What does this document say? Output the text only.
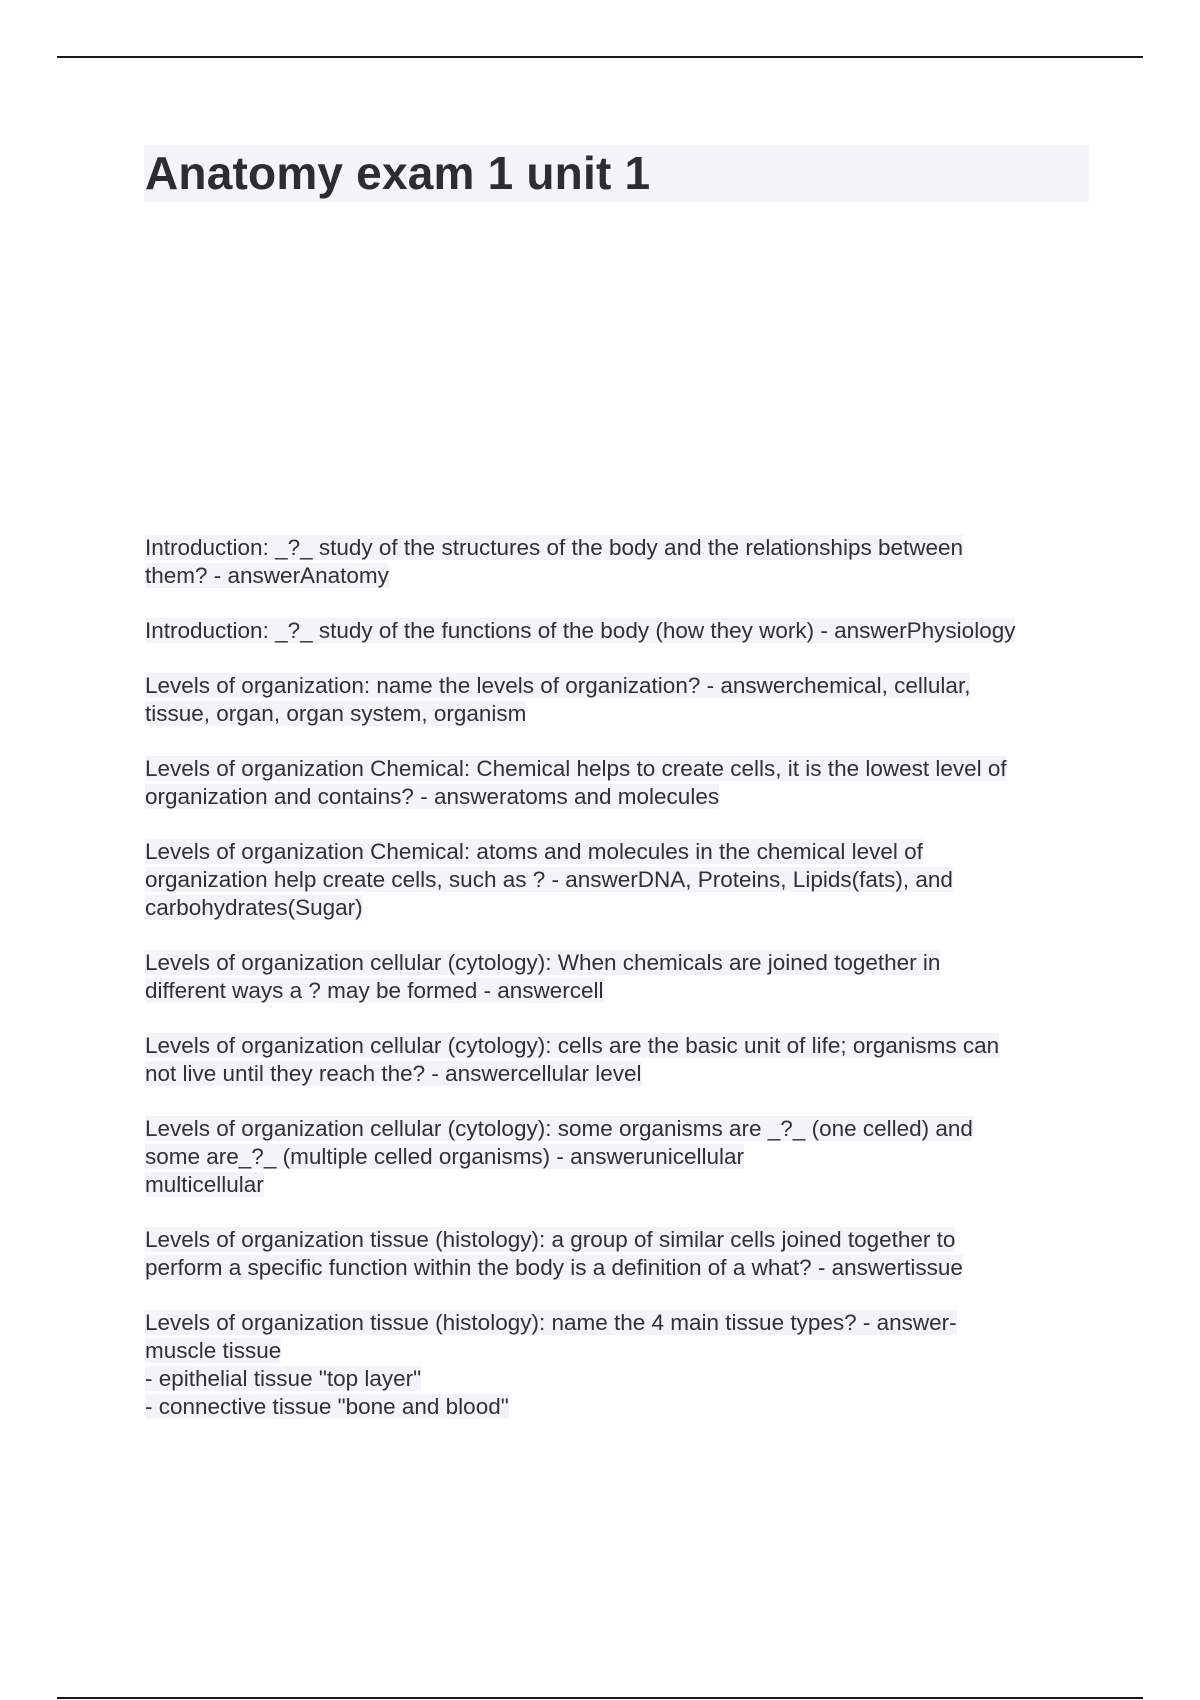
Anatomy exam 1 unit 1
Introduction: _?_ study of the structures of the body and the relationships between
them? - answerAnatomy
Introduction: _?_ study of the functions of the body (how they work) - answerPhysiology
Levels of organization: name the levels of organization? - answerchemical, cellular,
tissue, organ, organ system, organism
Levels of organization Chemical: Chemical helps to create cells, it is the lowest level of
organization and contains? - answeratoms and molecules
Levels of organization Chemical: atoms and molecules in the chemical level of
organization help create cells, such as ? - answerDNA, Proteins, Lipids(fats), and
carbohydrates(Sugar)
Levels of organization cellular (cytology): When chemicals are joined together in
different ways a ? may be formed - answercell
Levels of organization cellular (cytology): cells are the basic unit of life; organisms can
not live until they reach the? - answercellular level
Levels of organization cellular (cytology): some organisms are _?_ (one celled) and
some are_?_ (multiple celled organisms) - answerunicellular
multicellular
Levels of organization tissue (histology): a group of similar cells joined together to
perform a specific function within the body is a definition of a what? - answertissue
Levels of organization tissue (histology): name the 4 main tissue types? - answer-
muscle tissue
- epithelial tissue "top layer"
- connective tissue "bone and blood"
